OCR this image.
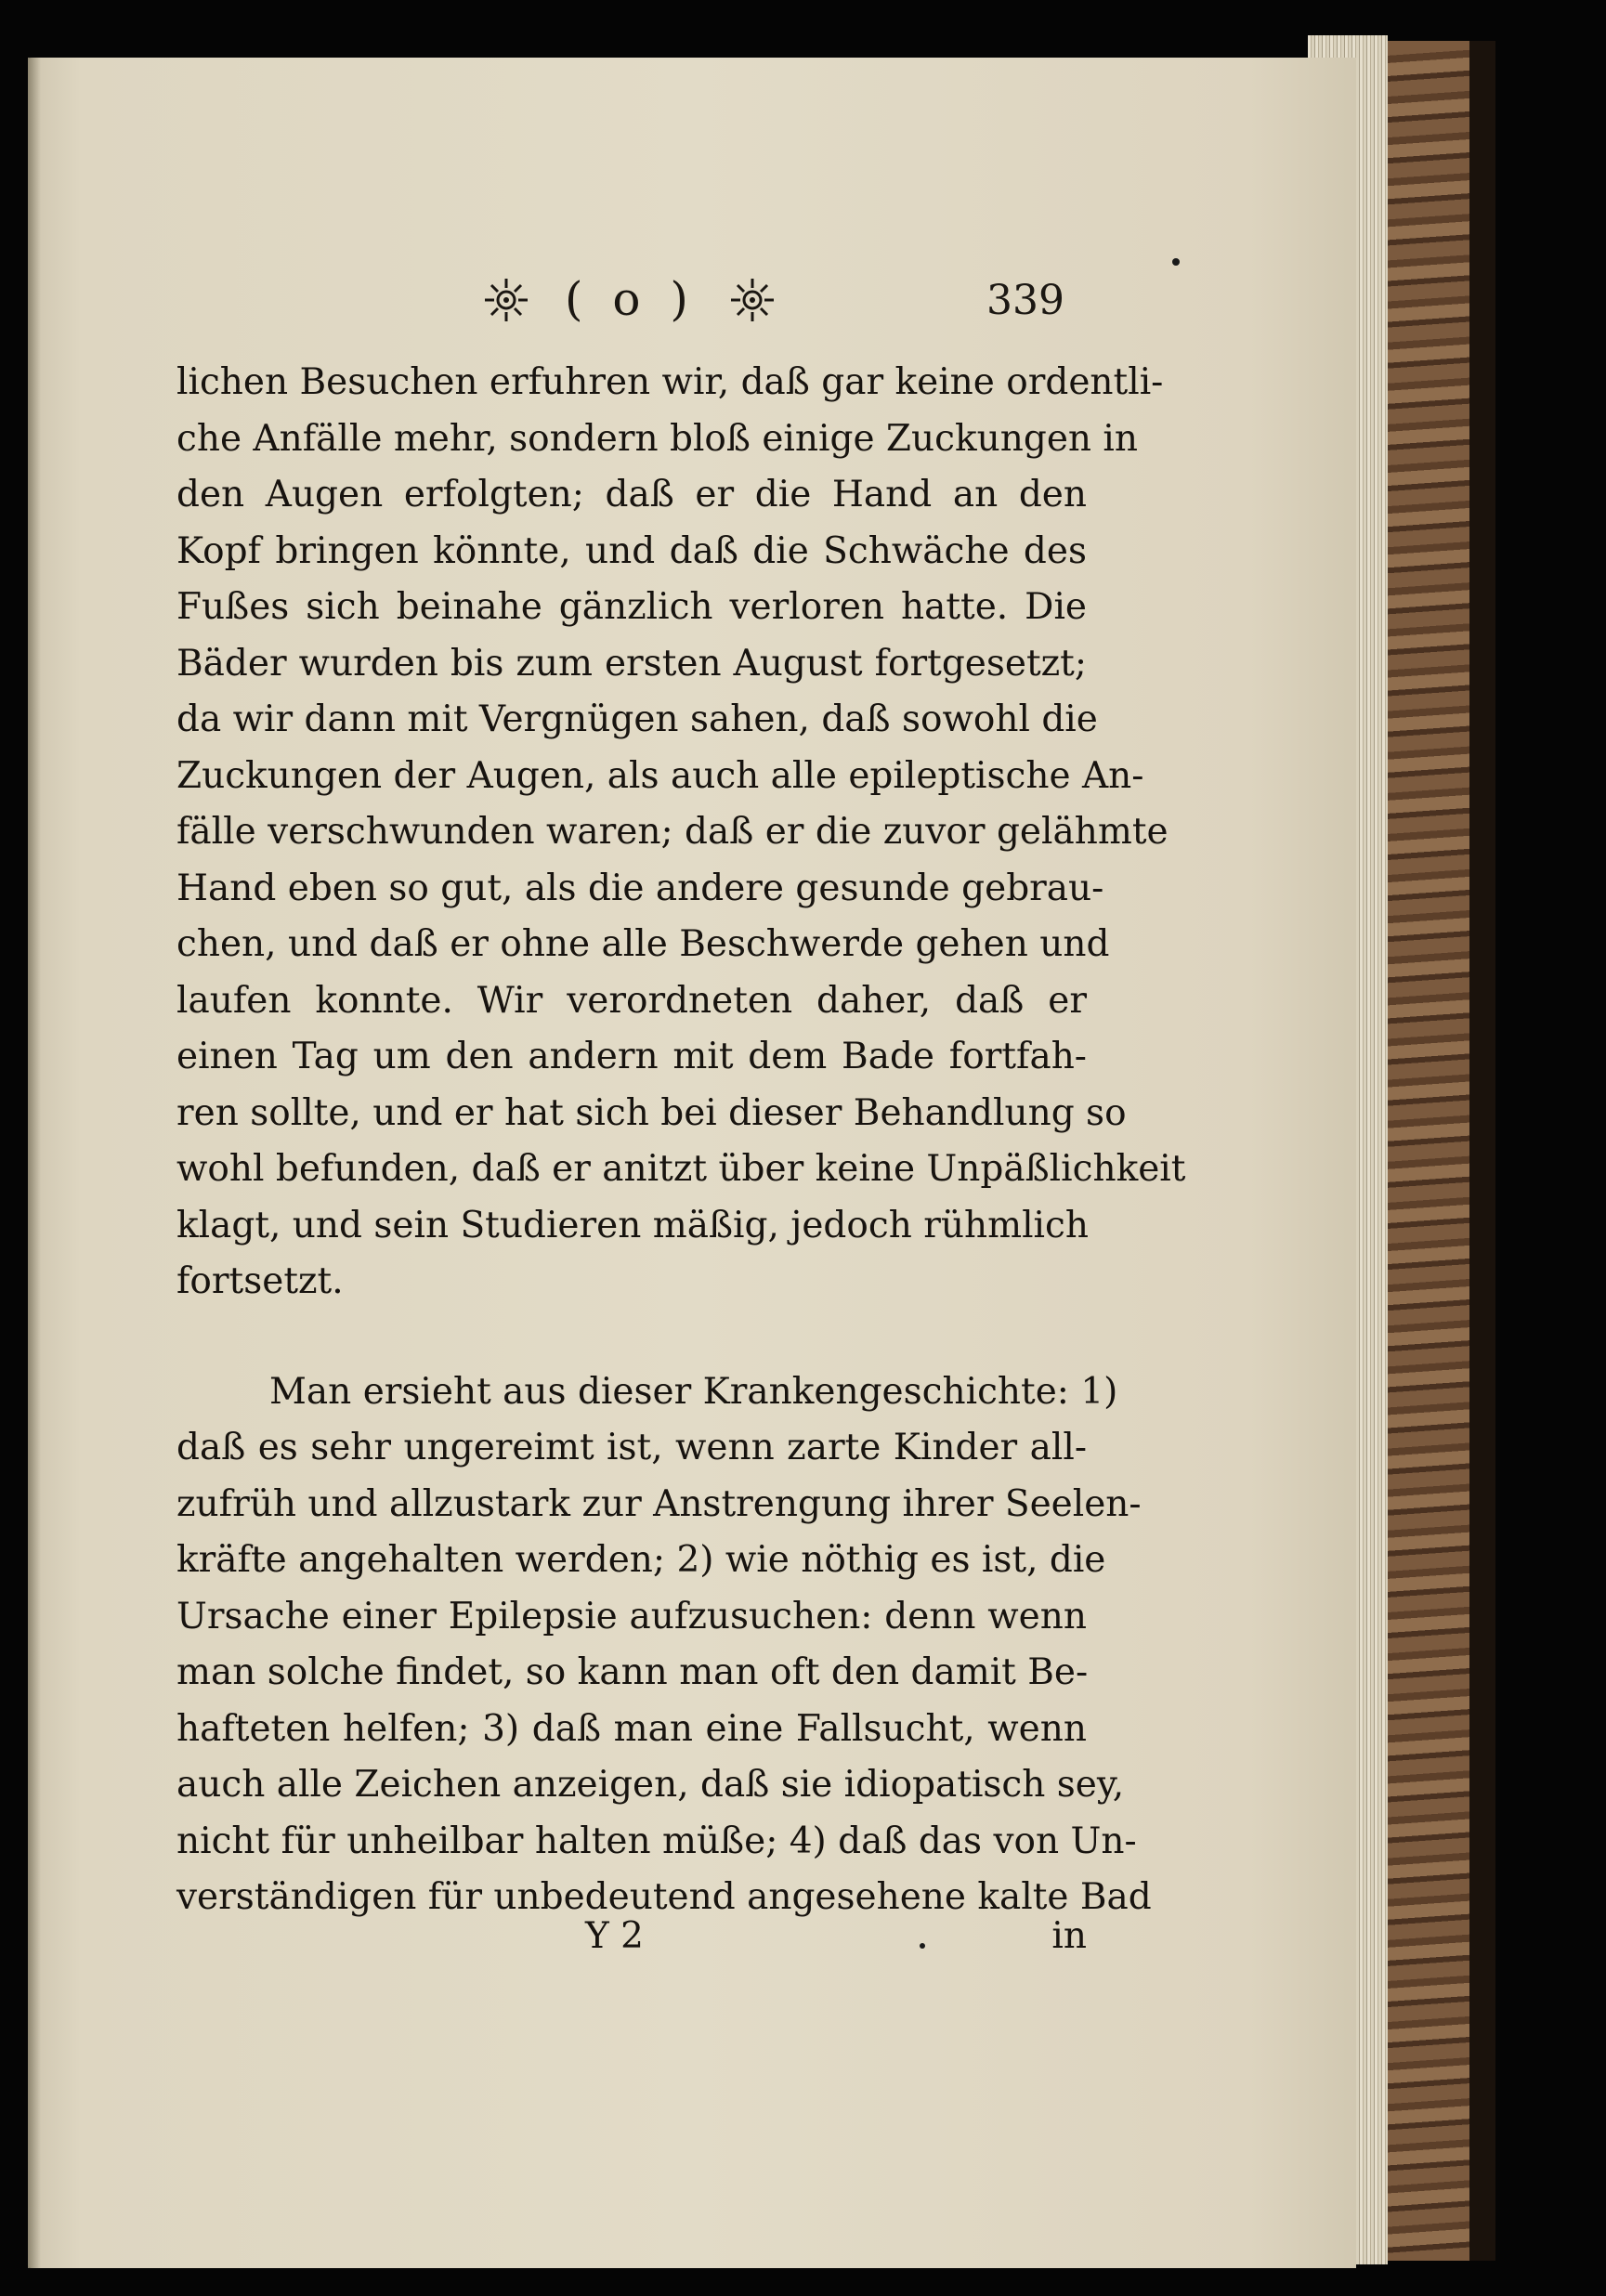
( o )	339
lichen Besuchen erfuhren wir, daß gar keine ordentli-
che Anfälle mehr, sondern bloß einige Zuckungen in
den Augen erfolgten; daß er die Hand an den
Kopf bringen könnte, und daß die Schwäche des
Fußes sich beinahe gänzlich verloren hatte. Die
Bäder wurden bis zum ersten August fortgesetzt;
da wir dann mit Vergnügen sahen, daß sowohl die
Zuckungen der Augen, als auch alle epileptische An-
fälle verschwunden waren; daß er die zuvor gelähmte
Hand eben so gut, als die andere gesunde gebrau-
chen, und daß er ohne alle Beschwerde gehen und
laufen konnte. Wir verordneten daher, daß er
einen Tag um den andern mit dem Bade fortfah-
ren sollte, und er hat sich bei dieser Behandlung so
wohl befunden, daß er anitzt über keine Unpäßlichkeit
klagt, und sein Studieren mäßig, jedoch rühmlich
fortsetzt.
Man ersieht aus dieser Krankengeschichte: 1)
daß es sehr ungereimt ist, wenn zarte Kinder all-
zufrüh und allzustark zur Anstrengung ihrer Seelen-
kräfte angehalten werden; 2) wie nöthig es ist, die
Ursache einer Epilepsie aufzusuchen: denn wenn
man solche findet, so kann man oft den damit Be-
hafteten helfen; 3) daß man eine Fallsucht, wenn
auch alle Zeichen anzeigen, daß sie idiopatisch sey,
nicht für unheilbar halten müße; 4) daß das von Un-
verständigen für unbedeutend angesehene kalte Bad
Y 2	in
